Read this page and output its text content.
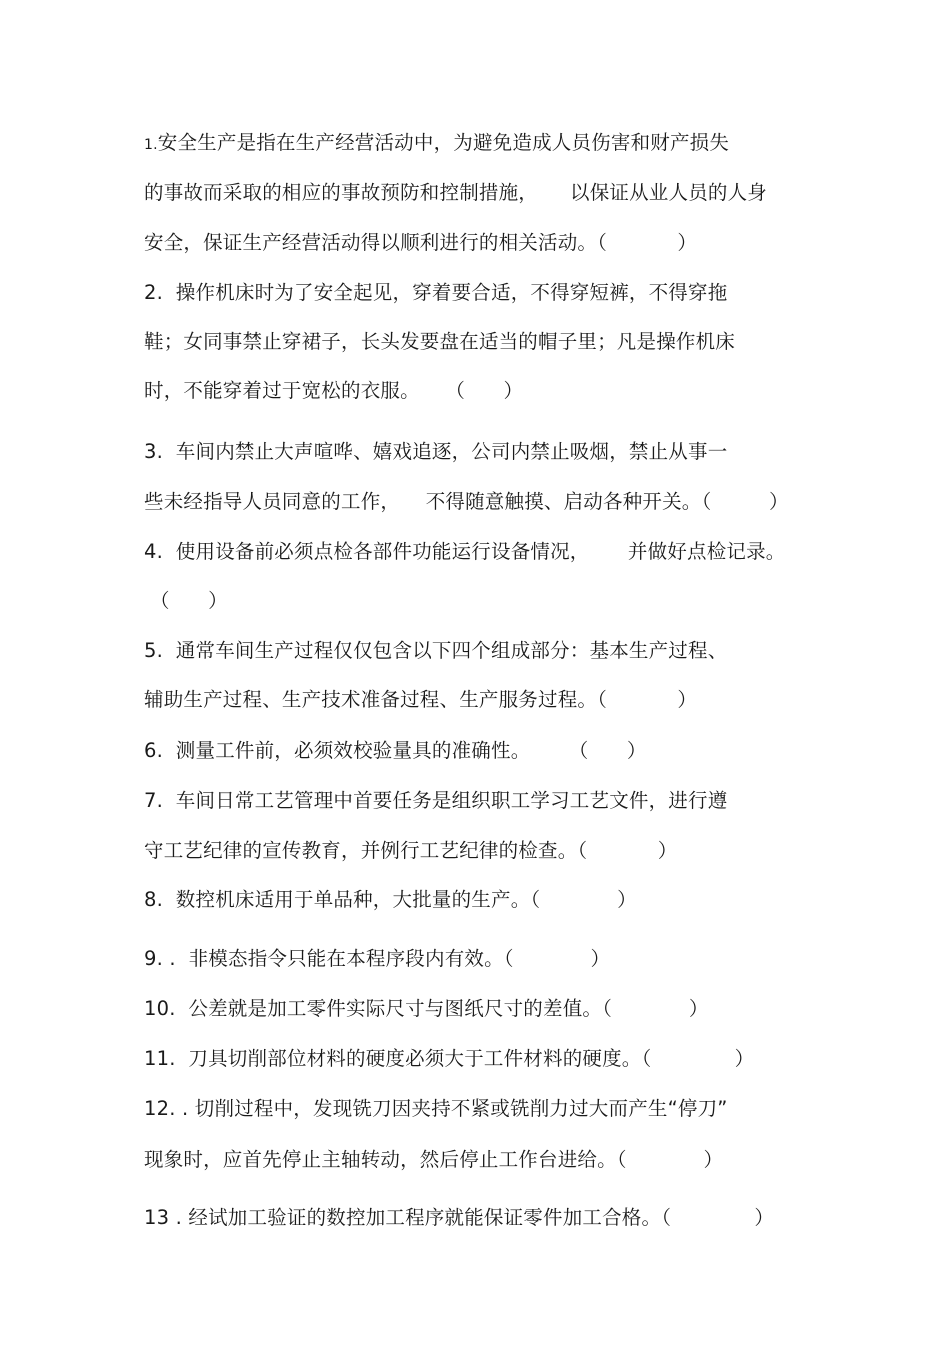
1.安全生产是指在生产经营活动中，为避免造成人员伤害和财产损失
的事故而采取的相应的事故预防和控制措施，     以保证从业人员的人身
安全，保证生产经营活动得以顺利进行的相关活动。（           ）
2.  操作机床时为了安全起见，穿着要合适，不得穿短裤，不得穿拖
鞋；女同事禁止穿裙子，长头发要盘在适当的帽子里；凡是操作机床
时，不能穿着过于宽松的衣服。    （      ）
3.  车间内禁止大声喧哗、嬉戏追逐，公司内禁止吸烟，禁止从事一
些未经指导人员同意的工作，    不得随意触摸、启动各种开关。（         ）
4.  使用设备前必须点检各部件功能运行设备情况，      并做好点检记录。
（      ）
5.  通常车间生产过程仅仅包含以下四个组成部分：基本生产过程、
辅助生产过程、生产技术准备过程、生产服务过程。（           ）
6.  测量工件前，必须效校验量具的准确性。      （      ）
7.  车间日常工艺管理中首要任务是组织职工学习工艺文件，进行遵
守工艺纪律的宣传教育，并例行工艺纪律的检查。（           ）
8.  数控机床适用于单品种，大批量的生产。（            ）
9. .  非模态指令只能在本程序段内有效。（            ）
10.  公差就是加工零件实际尺寸与图纸尺寸的差值。（            ）
11.  刀具切削部位材料的硬度必须大于工件材料的硬度。（             ）
12. . 切削过程中，发现铣刀因夹持不紧或铣削力过大而产生“停刀”
现象时，应首先停止主轴转动，然后停止工作台进给。（            ）
13 . 经试加工验证的数控加工程序就能保证零件加工合格。（             ）
